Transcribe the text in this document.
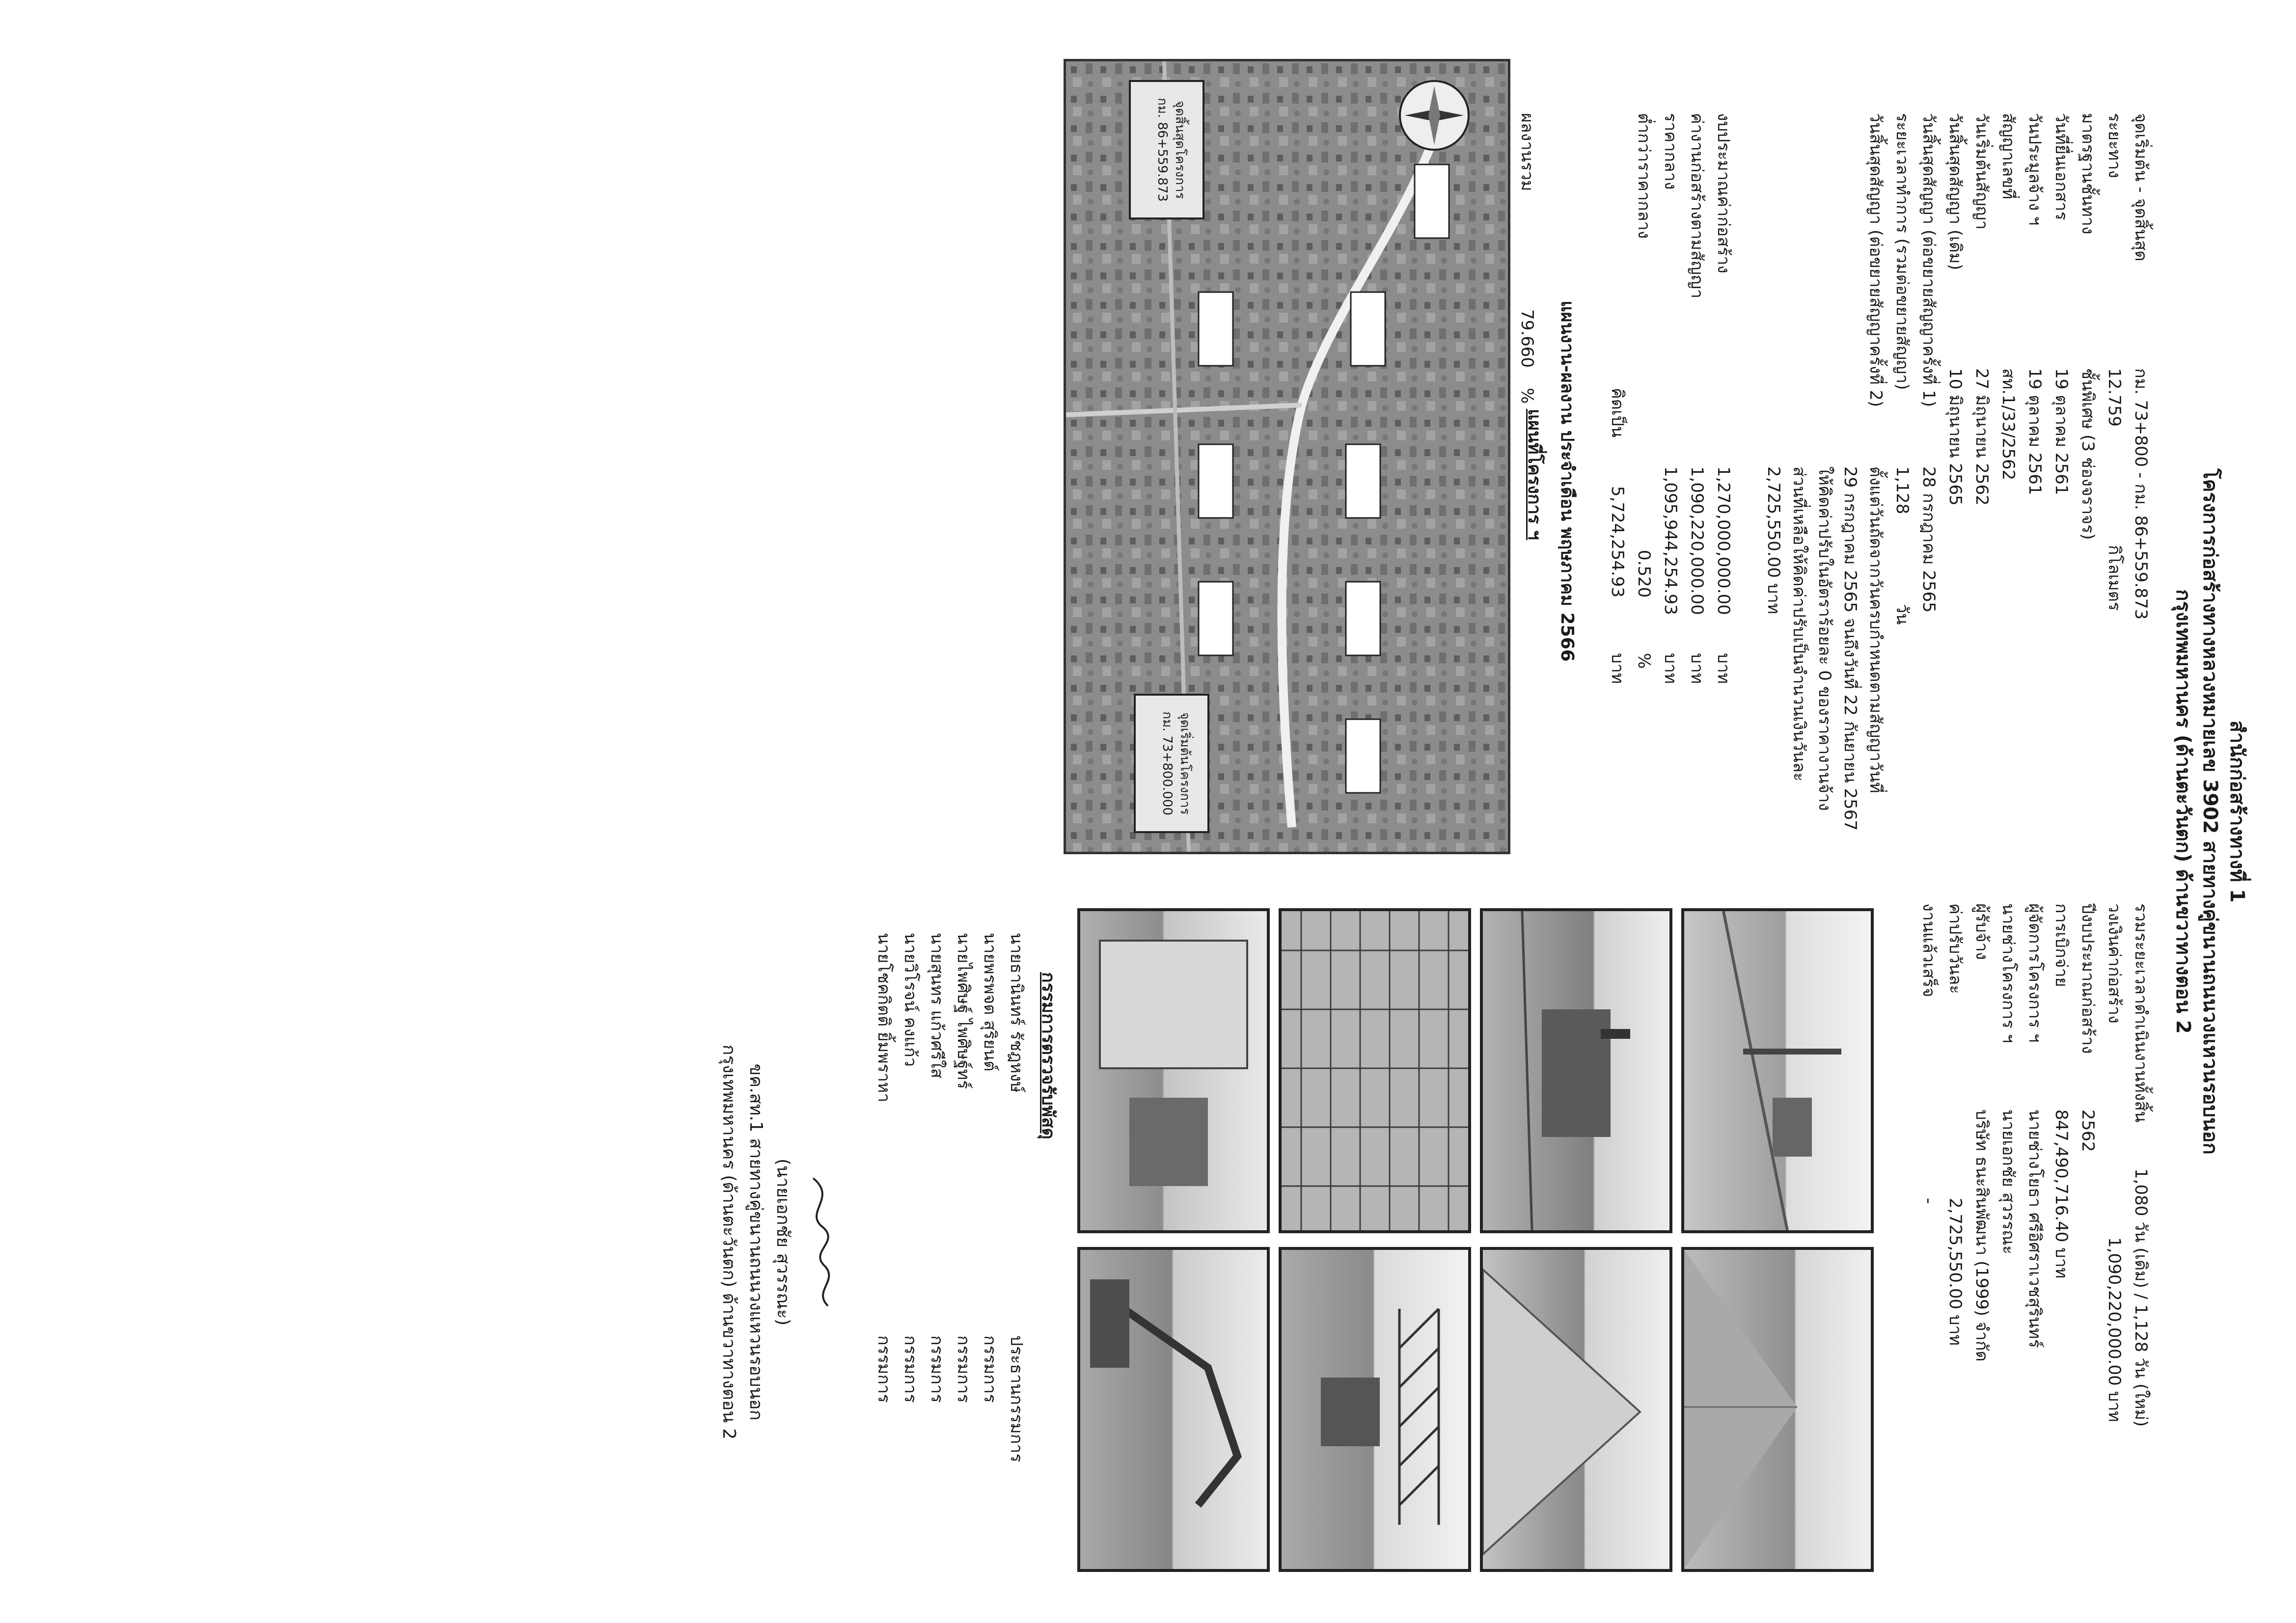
สำนักก่อสร้างทางที่ 1
โครงการก่อสร้างทางหลวงหมายเลข 3902 สายทางคู่ขนานถนนวงแหวนรอบนอก
กรุงเทพมหานคร (ด้านตะวันตก) ด้านขวาทางตอน 2
จุดเริ่มต้น - จุดสิ้นสุด
กม. 73+800 - กม. 86+559.873
ระยะทาง
12.759
กิโลเมตร
มาตรฐานชั้นทาง
ชั้นพิเศษ (3 ช่องจราจร)
วันที่ยื่นเอกสาร
19 ตุลาคม 2561
วันประมูลจ้าง ฯ
19 ตุลาคม 2561
สัญญาเลขที่
สท.1/33/2562
วันเริ่มต้นสัญญา
27 มิถุนายน 2562
วันสิ้นสุดสัญญา (เดิม)
10 มิถุนายน 2565
วันสิ้นสุดสัญญา (ต่อขยายสัญญาครั้งที่ 1)
28 กรกฎาคม 2565
ระยะเวลาทำการ (รวมต่อขยายสัญญา)
1,128
วัน
วันสิ้นสุดสัญญา (ต่อขยายสัญญาครั้งที่ 2)
ตั้งแต่วันถัดจากวันครบกำหนดตามสัญญาวันที่
29 กรกฎาคม 2565 จนถึงวันที่ 22 กันยายน 2567
ให้คิดค่าปรับในอัตราร้อยละ 0 ของราคางานจ้าง
ส่วนที่เหลือให้คิดค่าปรับเป็นจำนวนเงินวันละ
2,725,550.00 บาท
งบประมาณค่าก่อสร้าง
1,270,000,000.00
บาท
ค่างานก่อสร้างตามสัญญา
1,090,220,000.00
บาท
ราคากลาง
1,095,944,254.93
บาท
ต่ำกว่าราคากลาง
0.520
%
คิดเป็น
5,724,254.93
บาท
แผนงาน-ผลงาน ประจำเดือน พฤษภาคม 2566
ผลงานรวม
79.660
%
แผนที่โครงการ ฯ
จุดเริ่มต้นโครงการ
กม. 73+800.000
จุดสิ้นสุดโครงการ
กม. 86+559.873
รวมระยะเวลาดำเนินงานทั้งสิ้น
1,080 วัน (เดิม) / 1,128 วัน (ใหม่)
วงเงินค่าก่อสร้าง
1,090,220,000.00 บาท
ปีงบประมาณก่อสร้าง
2562
การเบิกจ่าย
847,490,716.40 บาท
ผู้จัดการโครงการ ฯ
นายช่างโยธา ศรีอิศราเวชสุรินทร์
นายช่างโครงการ ฯ
นายเอกชัย สุวรรณะ
ผู้รับจ้าง
บริษัท ธนะสินพัฒนา (1999) จำกัด
ค่าปรับวันละ
2,725,550.00 บาท
งานแล้วเสร็จ
-
กรรมการตรวจรับพัสดุ
นายธานินทร์ รัชฎหงษ์
ประธานกรรมการ
นายพรพจต สุริยนต์
กรรมการ
นายไพศิษฐ์ ไพศิษฐ์ทร์
กรรมการ
นายสุนทร แก้วศรีใส
กรรมการ
นายวิโรจน์ คงแก้ว
กรรมการ
นายโชคกิตติ ยิ้มพราหา
กรรมการ
(นายเอกชัย สุวรรณะ)
ขค.สท.1 สายทางคู่ขนานถนนวงแหวนรอบนอก
กรุงเทพมหานคร (ด้านตะวันตก) ด้านขวาทางตอน 2
